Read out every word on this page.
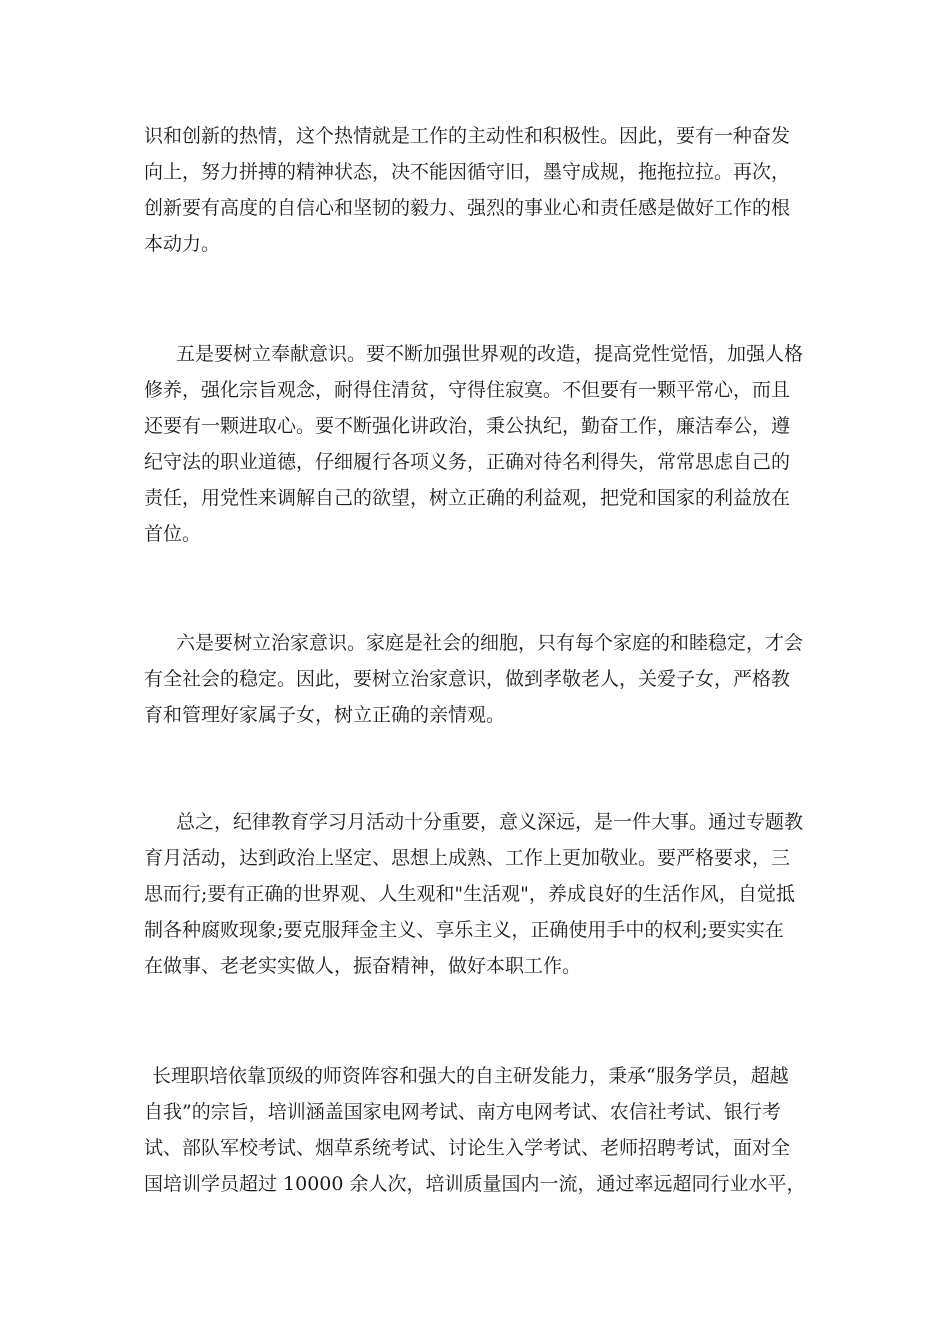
识和创新的热情，这个热情就是工作的主动性和积极性。因此，要有一种奋发
向上，努力拼搏的精神状态，决不能因循守旧，墨守成规，拖拖拉拉。再次，
创新要有高度的自信心和坚韧的毅力、强烈的事业心和责任感是做好工作的根
本动力。
五是要树立奉献意识。要不断加强世界观的改造，提高党性觉悟，加强人格
修养，强化宗旨观念，耐得住清贫，守得住寂寞。不但要有一颗平常心，而且
还要有一颗进取心。要不断强化讲政治，秉公执纪，勤奋工作，廉洁奉公，遵
纪守法的职业道德，仔细履行各项义务，正确对待名利得失，常常思虑自己的
责任，用党性来调解自己的欲望，树立正确的利益观，把党和国家的利益放在
首位。
六是要树立治家意识。家庭是社会的细胞，只有每个家庭的和睦稳定，才会
有全社会的稳定。因此，要树立治家意识，做到孝敬老人，关爱子女，严格教
育和管理好家属子女，树立正确的亲情观。
总之，纪律教育学习月活动十分重要，意义深远，是一件大事。通过专题教
育月活动，达到政治上坚定、思想上成熟、工作上更加敬业。要严格要求，三
思而行;要有正确的世界观、人生观和"生活观"，养成良好的生活作风，自觉抵
制各种腐败现象;要克服拜金主义、享乐主义，正确使用手中的权利;要实实在
在做事、老老实实做人，振奋精神，做好本职工作。
长理职培依靠顶级的师资阵容和强大的自主研发能力，秉承“服务学员，超越
自我”的宗旨，培训涵盖国家电网考试、南方电网考试、农信社考试、银行考
试、部队军校考试、烟草系统考试、讨论生入学考试、老师招聘考试，面对全
国培训学员超过 10000 余人次，培训质量国内一流，通过率远超同行业水平，
